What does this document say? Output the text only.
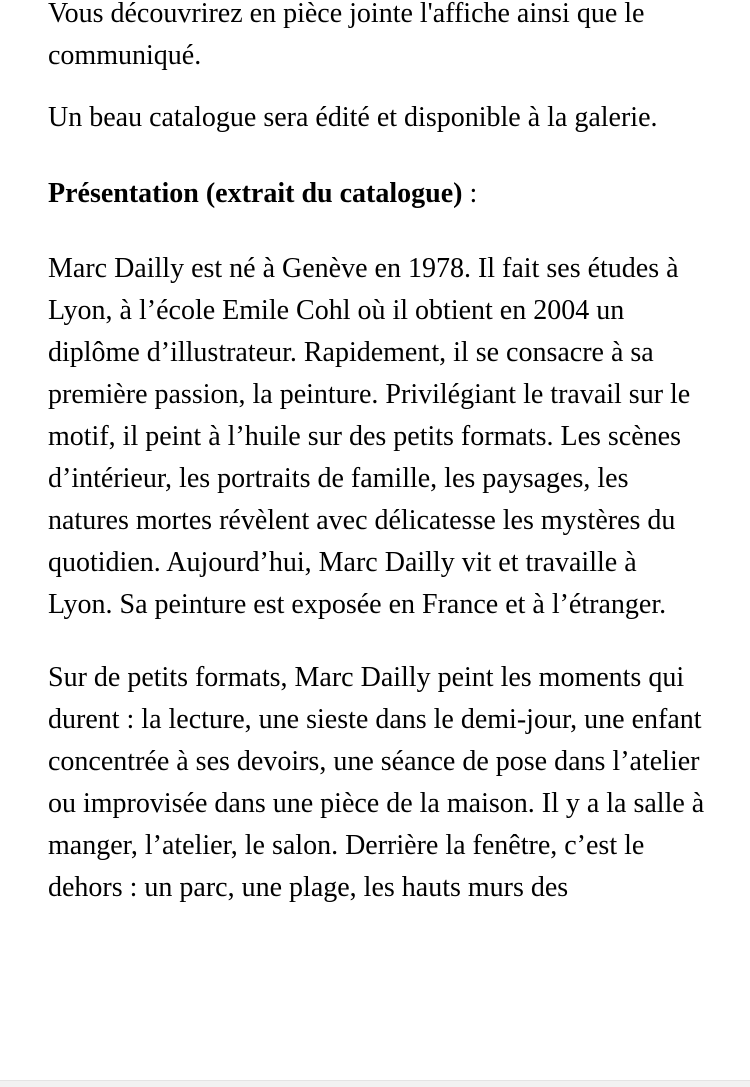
Vous découvrirez en pièce jointe l'affiche ainsi que le communiqué.

Un beau catalogue sera édité et disponible à la galerie.

Présentation (extrait du catalogue) :

Marc Dailly est né à Genève en 1978. Il fait ses études à Lyon, à l’école Emile Cohl où il obtient en 2004 un diplôme d’illustrateur. Rapidement, il se consacre à sa première passion, la peinture. Privilégiant le travail sur le motif, il peint à l’huile sur des petits formats. Les scènes d’intérieur, les portraits de famille, les paysages, les natures mortes révèlent avec délicatesse les mystères du quotidien. Aujourd’hui, Marc Dailly vit et travaille à Lyon. Sa peinture est exposée en France et à l’étranger.

Sur de petits formats, Marc Dailly peint les moments qui durent : la lecture, une sieste dans le demi-jour, une enfant concentrée à ses devoirs, une séance de pose dans l’atelier ou improvisée dans une pièce de la maison. Il y a la salle à manger, l’atelier, le salon. Derrière la fenêtre, c’est le dehors : un parc, une plage, les hauts murs des
